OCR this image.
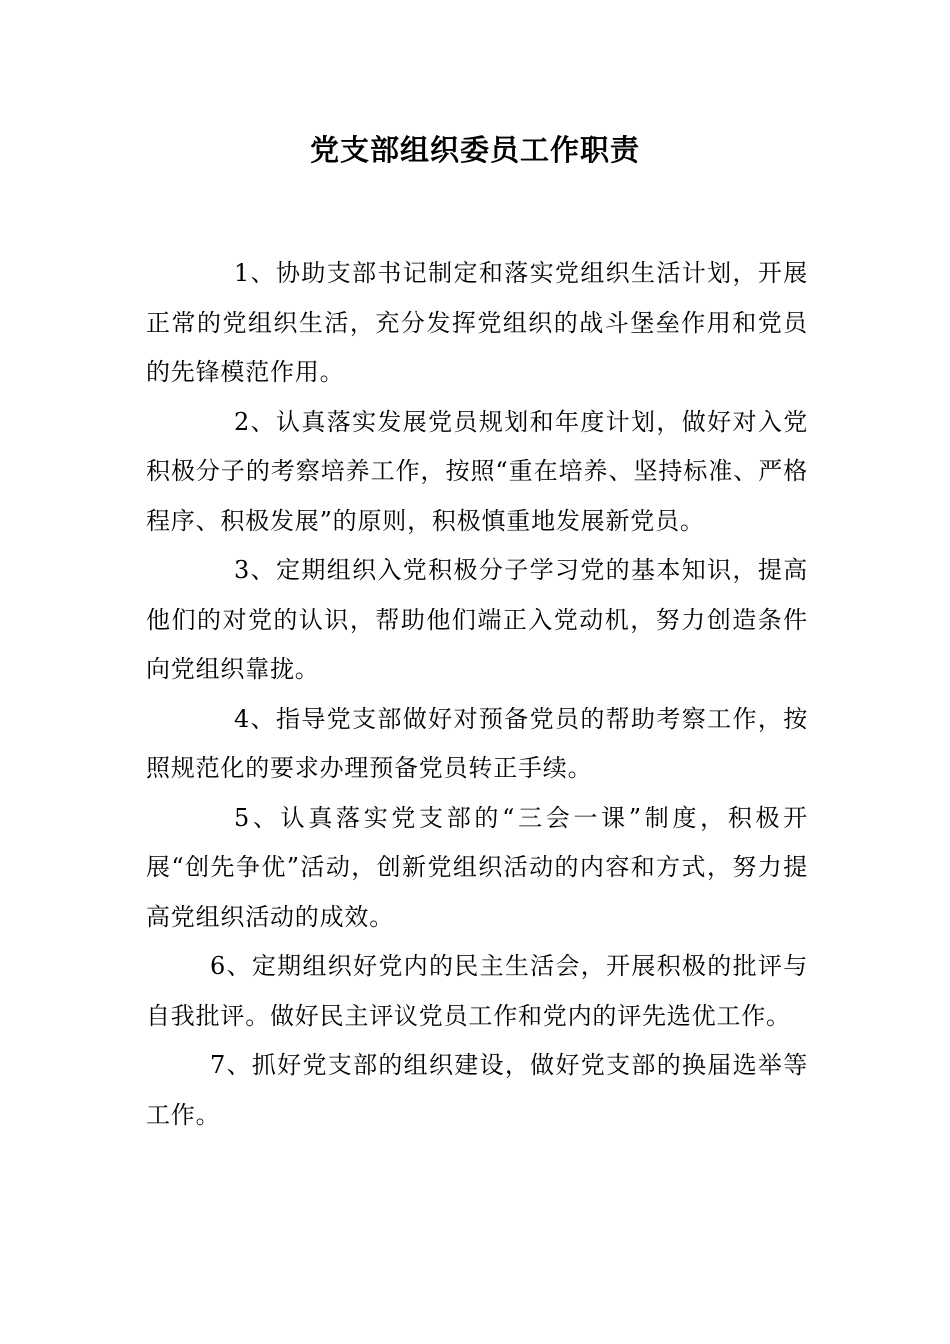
党支部组织委员工作职责

1、协助支部书记制定和落实党组织生活计划，开展正常的党组织生活，充分发挥党组织的战斗堡垒作用和党员的先锋模范作用。

2、认真落实发展党员规划和年度计划，做好对入党积极分子的考察培养工作，按照“重在培养、坚持标准、严格程序、积极发展”的原则，积极慎重地发展新党员。

3、定期组织入党积极分子学习党的基本知识，提高他们的对党的认识，帮助他们端正入党动机，努力创造条件向党组织靠拢。

4、指导党支部做好对预备党员的帮助考察工作，按照规范化的要求办理预备党员转正手续。

5、认真落实党支部的“三会一课”制度，积极开展“创先争优”活动，创新党组织活动的内容和方式，努力提高党组织活动的成效。

6、定期组织好党内的民主生活会，开展积极的批评与自我批评。做好民主评议党员工作和党内的评先选优工作。

7、抓好党支部的组织建设，做好党支部的换届选举等工作。
